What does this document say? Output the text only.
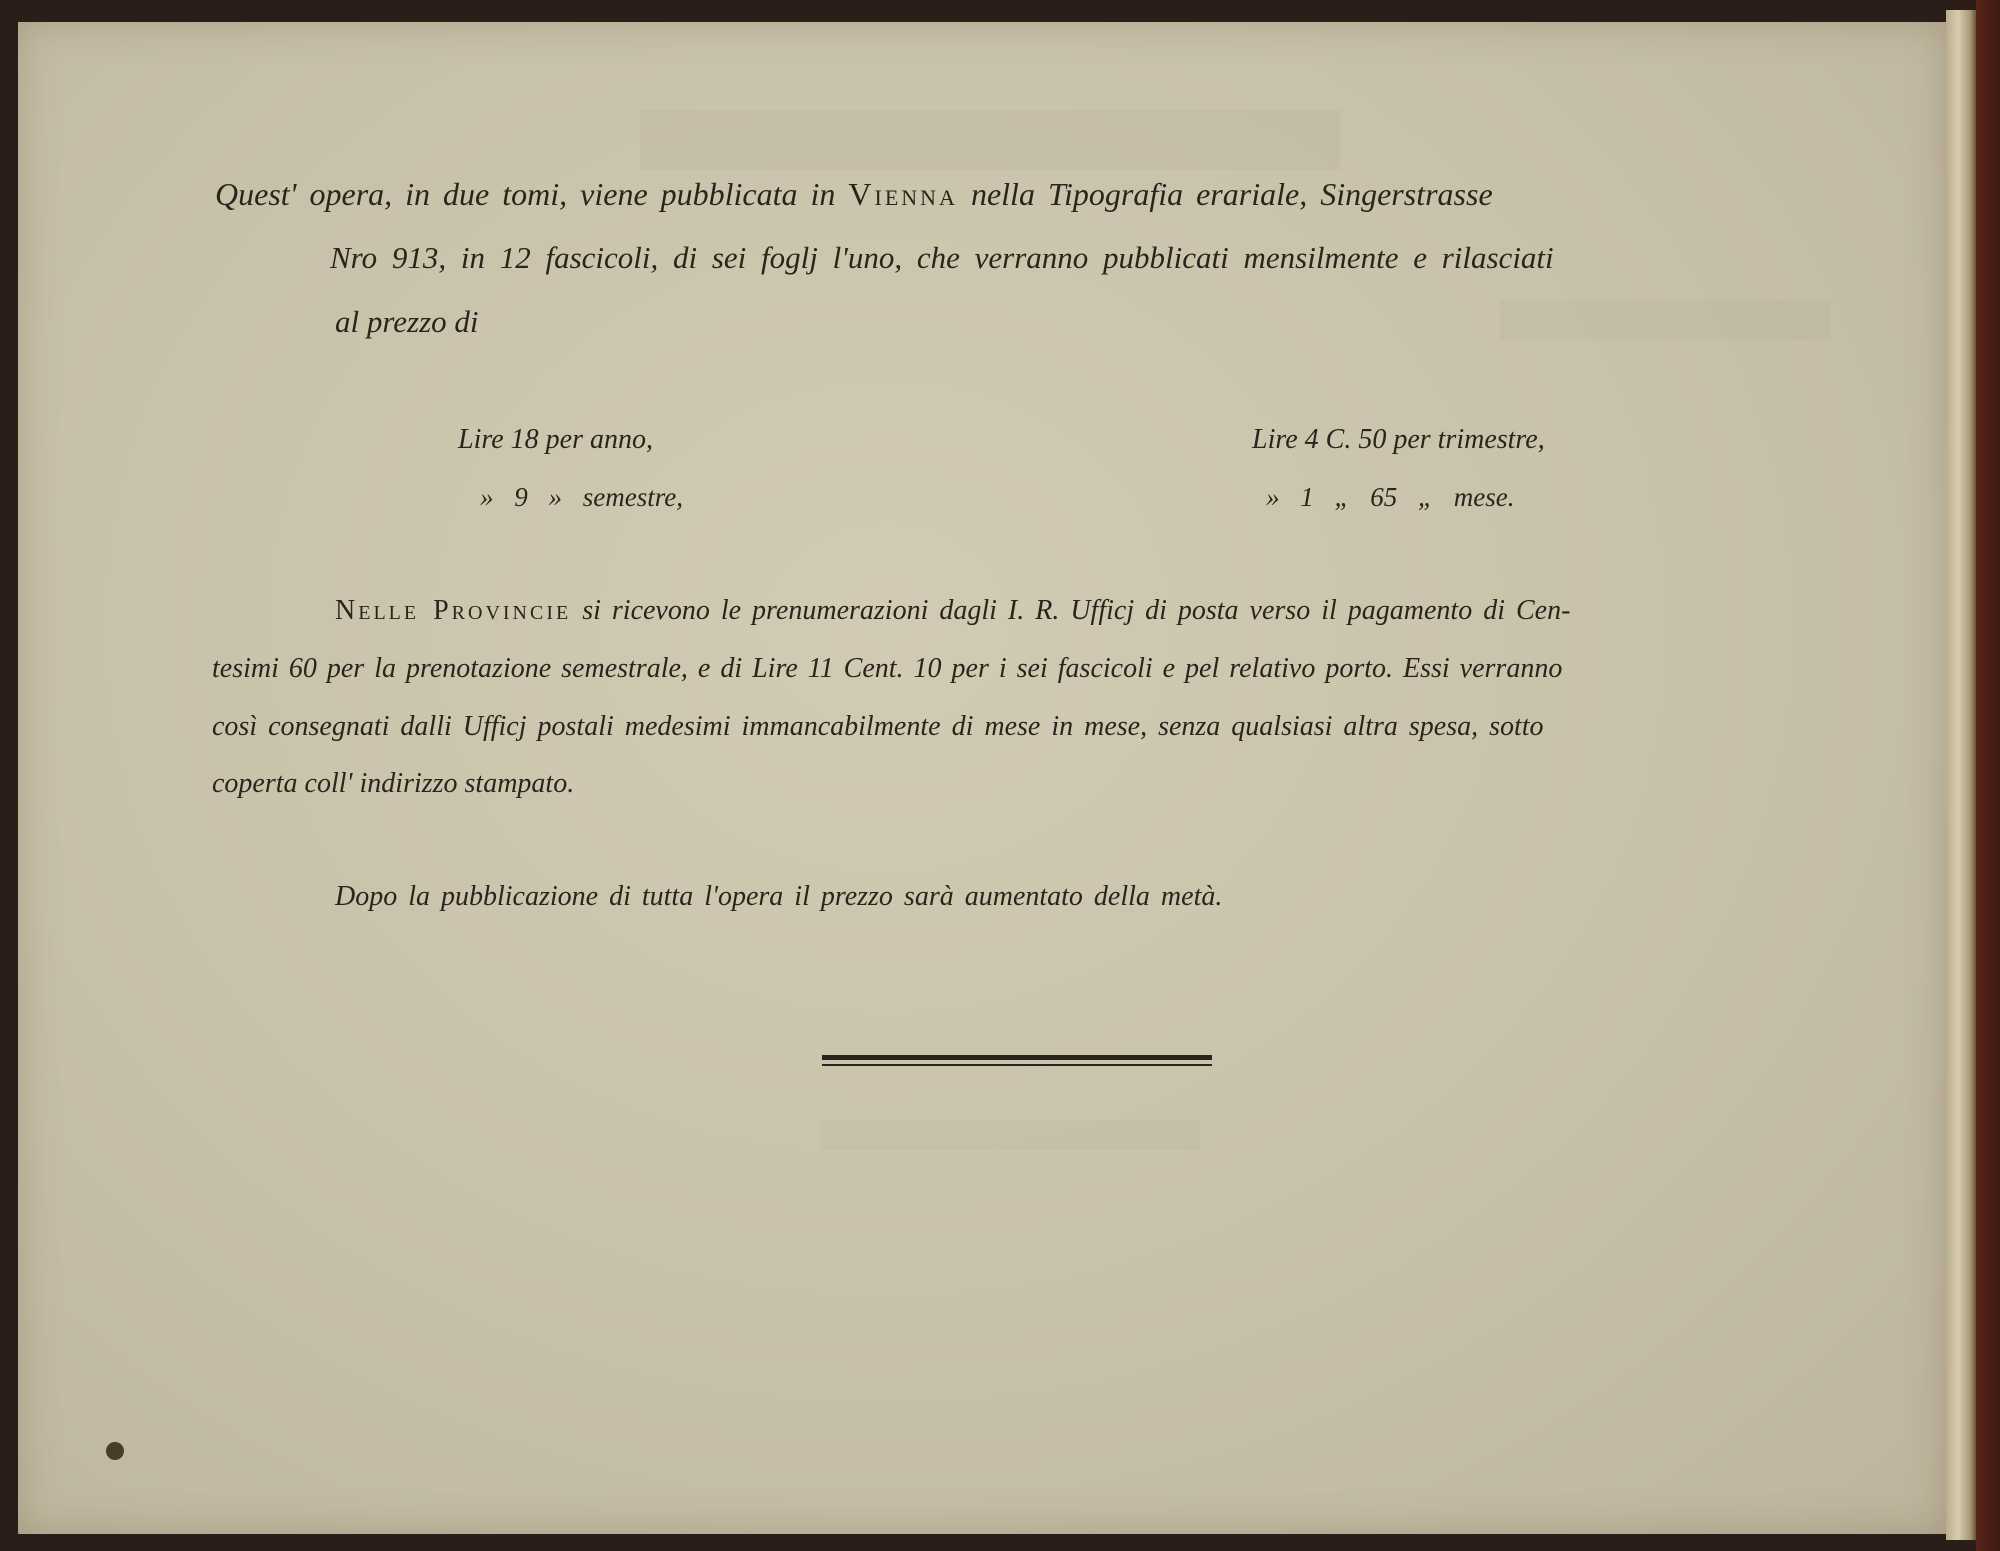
Quest' opera, in due tomi, viene pubblicata in Vienna nella Tipografia erariale, Singerstrasse
Nro 913, in 12 fascicoli, di sei foglj l'uno, che verranno pubblicati mensilmente e rilasciati
al prezzo di
Lire 18 per anno,
» 9 » semestre,
Lire 4 C. 50 per trimestre,
» 1 „ 65 „ mese.
Nelle Provincie si ricevono le prenumerazioni dagli I. R. Ufficj di posta verso il pagamento di Cen-
tesimi 60 per la prenotazione semestrale, e di Lire 11 Cent. 10 per i sei fascicoli e pel relativo porto. Essi verranno
così consegnati dalli Ufficj postali medesimi immancabilmente di mese in mese, senza qualsiasi altra spesa, sotto
coperta coll' indirizzo stampato.
Dopo la pubblicazione di tutta l'opera il prezzo sarà aumentato della metà.
